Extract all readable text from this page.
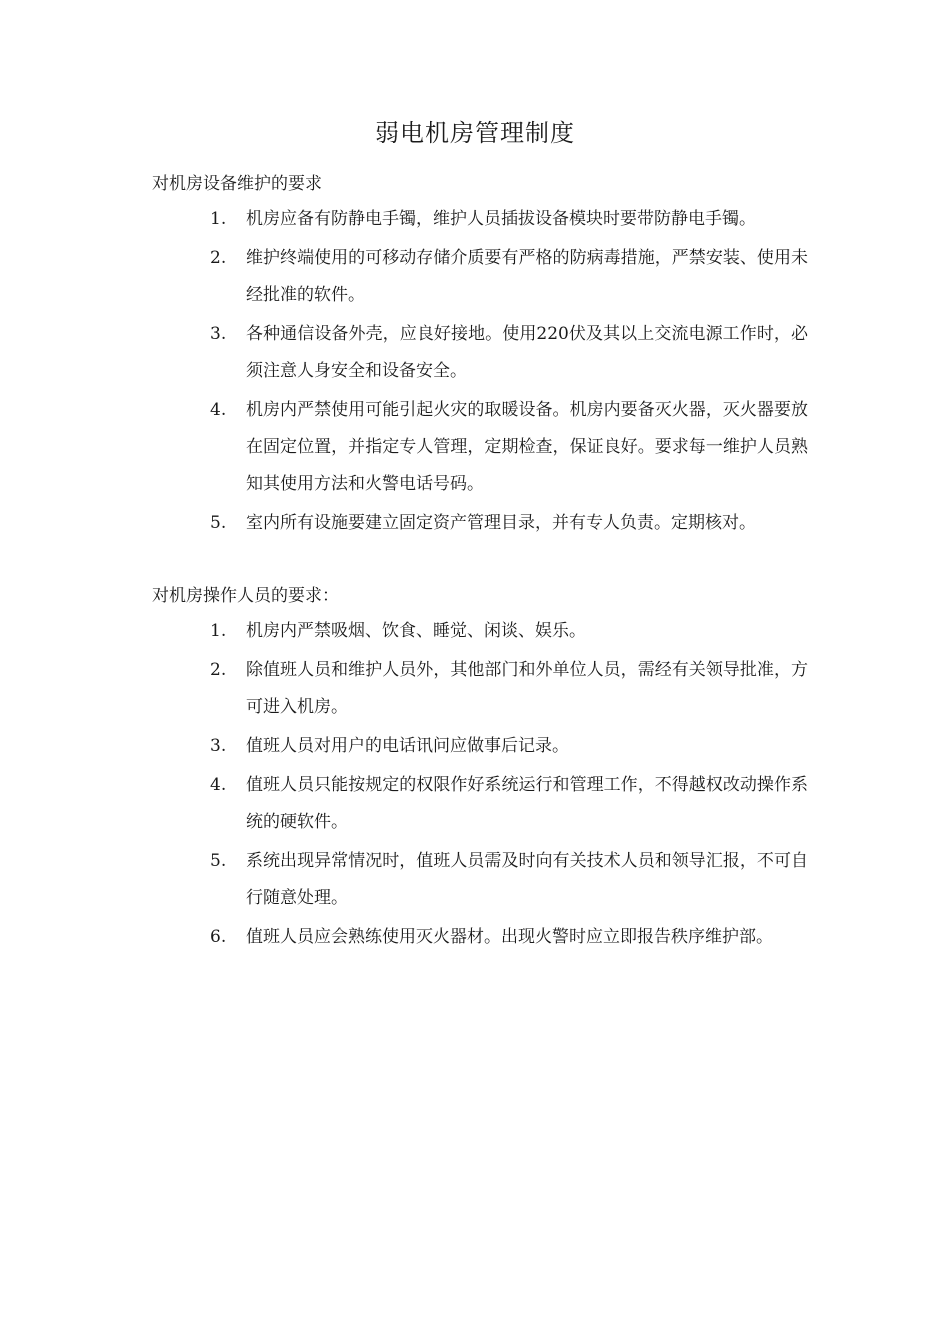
弱电机房管理制度
对机房设备维护的要求
1.	机房应备有防静电手镯，维护人员插拔设备模块时要带防静电手镯。
2.	维护终端使用的可移动存储介质要有严格的防病毒措施，严禁安装、使用未经批准的软件。
3.	各种通信设备外壳，应良好接地。使用220伏及其以上交流电源工作时，必须注意人身安全和设备安全。
4.	机房内严禁使用可能引起火灾的取暖设备。机房内要备灭火器，灭火器要放在固定位置，并指定专人管理，定期检查，保证良好。要求每一维护人员熟知其使用方法和火警电话号码。
5.	室内所有设施要建立固定资产管理目录，并有专人负责。定期核对。
对机房操作人员的要求：
1.	机房内严禁吸烟、饮食、睡觉、闲谈、娱乐。
2.	除值班人员和维护人员外，其他部门和外单位人员，需经有关领导批准，方可进入机房。
3.	值班人员对用户的电话讯问应做事后记录。
4.	值班人员只能按规定的权限作好系统运行和管理工作，不得越权改动操作系统的硬软件。
5.	系统出现异常情况时，值班人员需及时向有关技术人员和领导汇报，不可自行随意处理。
6.	值班人员应会熟练使用灭火器材。出现火警时应立即报告秩序维护部。
